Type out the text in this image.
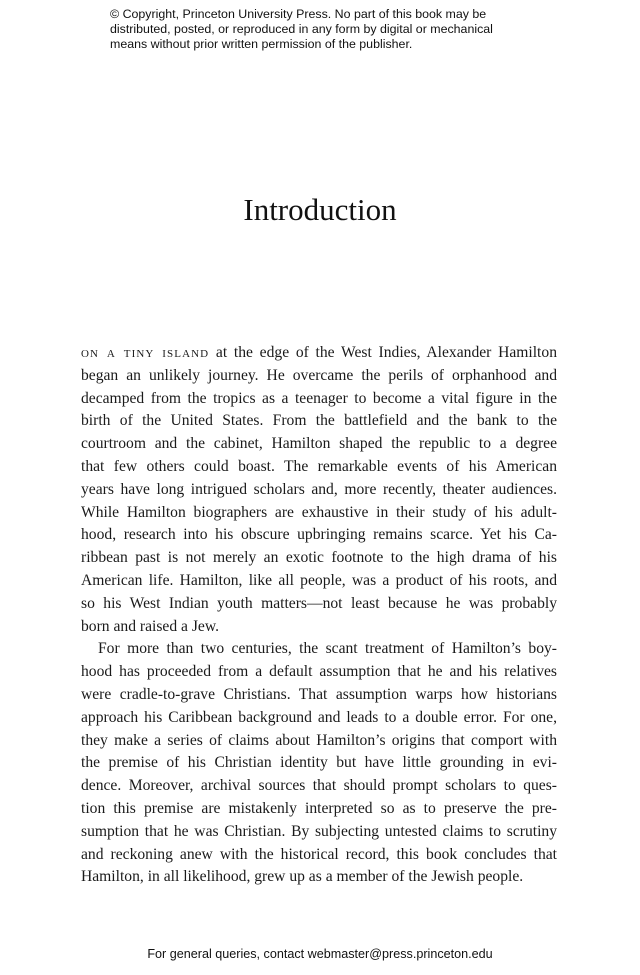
© Copyright, Princeton University Press. No part of this book may be
distributed, posted, or reproduced in any form by digital or mechanical
means without prior written permission of the publisher.
Introduction
on a tiny island at the edge of the West Indies, Alexander Hamilton
began an unlikely journey. He overcame the perils of orphanhood and
decamped from the tropics as a teenager to become a vital figure in the
birth of the United States. From the battlefield and the bank to the
courtroom and the cabinet, Hamilton shaped the republic to a degree
that few others could boast. The remarkable events of his American
years have long intrigued scholars and, more recently, theater audiences.
While Hamilton biographers are exhaustive in their study of his adult-
hood, research into his obscure upbringing remains scarce. Yet his Ca-
ribbean past is not merely an exotic footnote to the high drama of his
American life. Hamilton, like all people, was a product of his roots, and
so his West Indian youth matters—not least because he was probably
born and raised a Jew.
For more than two centuries, the scant treatment of Hamilton’s boy-
hood has proceeded from a default assumption that he and his relatives
were cradle-to-grave Christians. That assumption warps how historians
approach his Caribbean background and leads to a double error. For one,
they make a series of claims about Hamilton’s origins that comport with
the premise of his Christian identity but have little grounding in evi-
dence. Moreover, archival sources that should prompt scholars to ques-
tion this premise are mistakenly interpreted so as to preserve the pre-
sumption that he was Christian. By subjecting untested claims to scrutiny
and reckoning anew with the historical record, this book concludes that
Hamilton, in all likelihood, grew up as a member of the Jewish people.
For general queries, contact webmaster@press.princeton.edu
